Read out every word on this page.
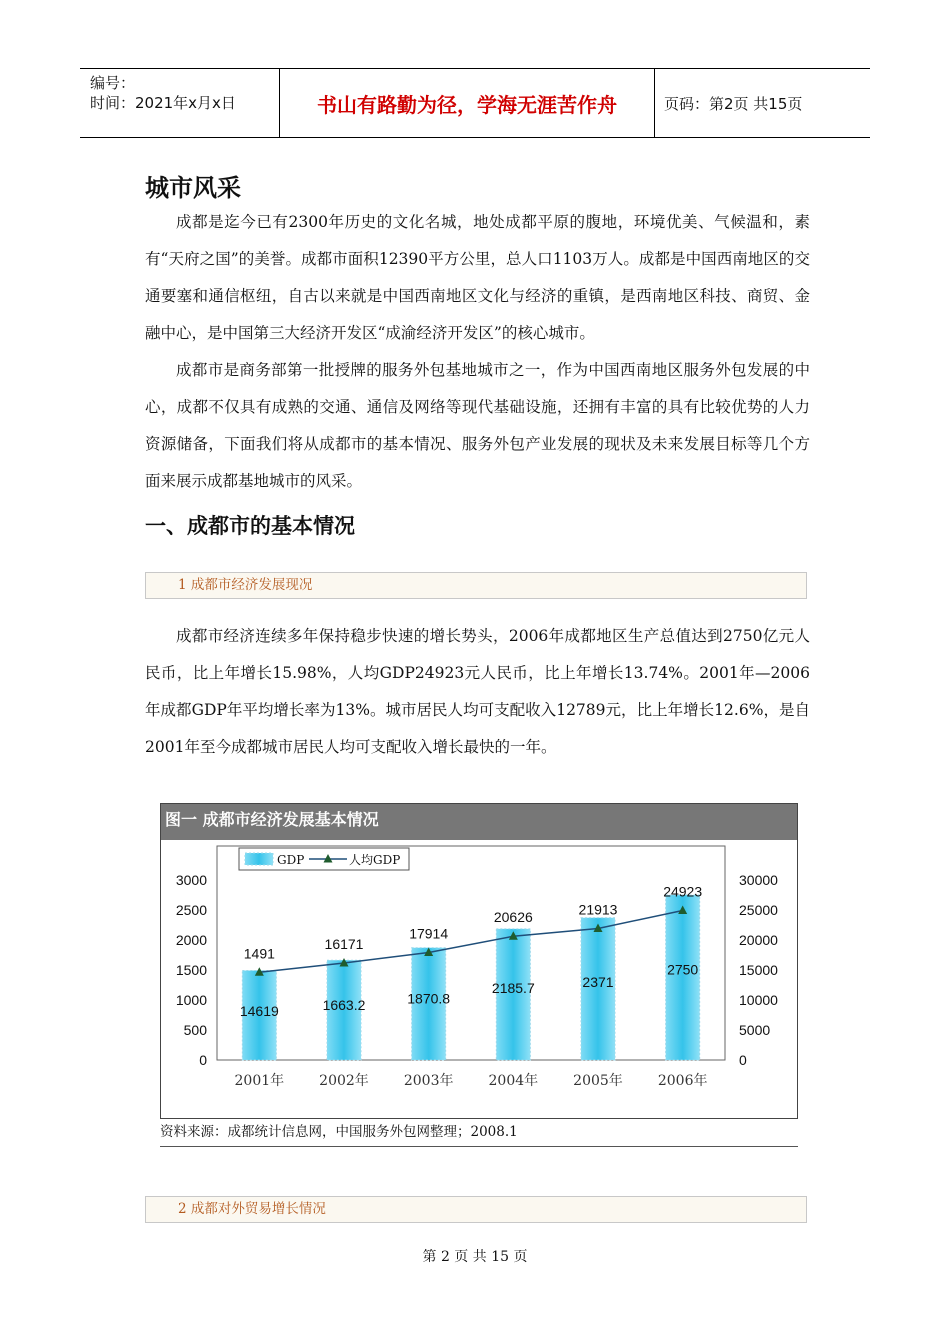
编号：
时间：2021年x月x日	书山有路勤为径，学海无涯苦作舟	页码：第2页 共15页
城市风采
成都是迄今已有2300年历史的文化名城，地处成都平原的腹地，环境优美、气候温和，素有“天府之国”的美誉。成都市面积12390平方公里，总人口1103万人。成都是中国西南地区的交通要塞和通信枢纽，自古以来就是中国西南地区文化与经济的重镇，是西南地区科技、商贸、金融中心，是中国第三大经济开发区“成渝经济开发区”的核心城市。
成都市是商务部第一批授牌的服务外包基地城市之一，作为中国西南地区服务外包发展的中心，成都不仅具有成熟的交通、通信及网络等现代基础设施，还拥有丰富的具有比较优势的人力资源储备，下面我们将从成都市的基本情况、服务外包产业发展的现状及未来发展目标等几个方面来展示成都基地城市的风采。
一、成都市的基本情况
1 成都市经济发展现况
成都市经济连续多年保持稳步快速的增长势头，2006年成都地区生产总值达到2750亿元人民币，比上年增长15.98%，人均GDP24923元人民币，比上年增长13.74%。2001年—2006年成都GDP年平均增长率为13%。城市居民人均可支配收入12789元，比上年增长12.6%，是自2001年至今成都城市居民人均可支配收入增长最快的一年。
图一 成都市经济发展基本情况
0
500
1000
1500
2000
2500
3000
0
5000
10000
15000
20000
25000
30000
14619
2001年
1663.2
2002年
1870.8
2003年
2185.7
2004年
2371
2005年
2750
2006年
1491
16171
17914
20626	21913
24923
GDP	人均GDP
资料来源：成都统计信息网，中国服务外包网整理；2008.1
2 成都对外贸易增长情况
第 2 页 共 15 页
